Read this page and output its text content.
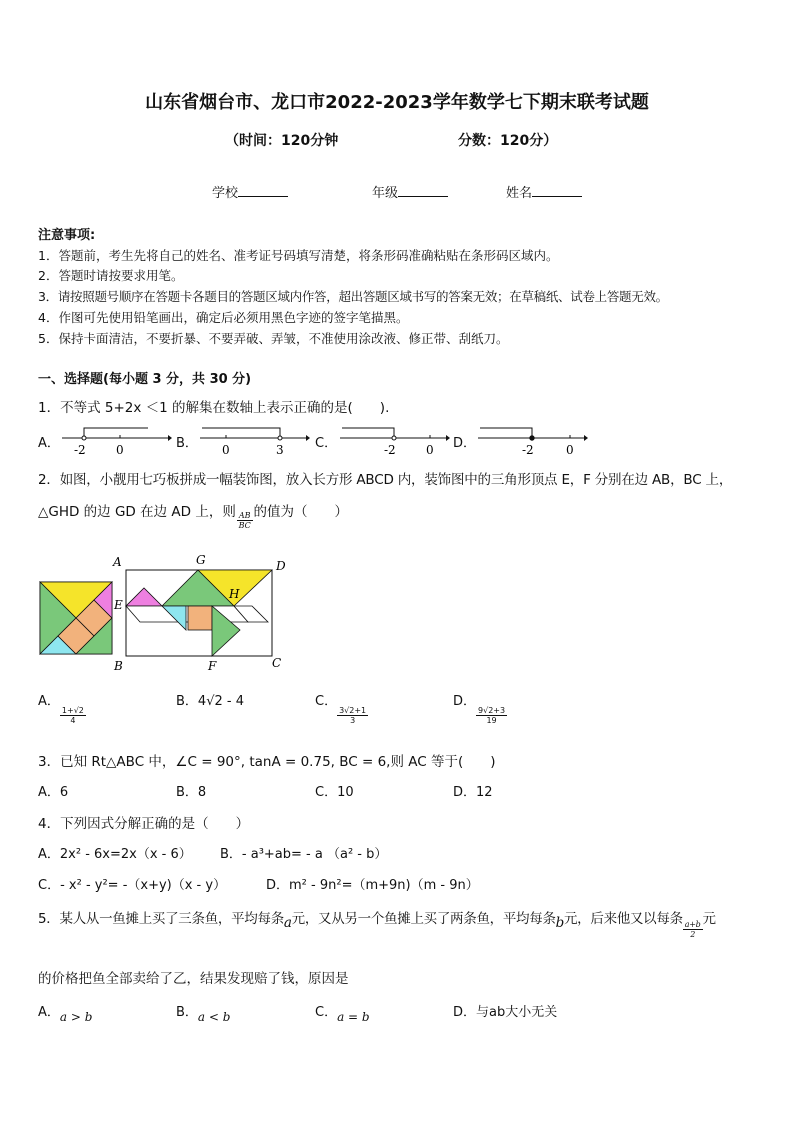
山东省烟台市、龙口市2022-2023学年数学七下期末联考试题
（时间：120分钟	分数：120分）
学校	年级	姓名
注意事项:
1．答题前，考生先将自己的姓名、准考证号码填写清楚，将条形码准确粘贴在条形码区域内。
2．答题时请按要求用笔。
3．请按照题号顺序在答题卡各题目的答题区域内作答，超出答题区域书写的答案无效；在草稿纸、试卷上答题无效。
4．作图可先使用铅笔画出，确定后必须用黑色字迹的签字笔描黑。
5．保持卡面清洁，不要折暴、不要弄破、弄皱，不准使用涂改液、修正带、刮纸刀。
一、选择题(每小题 3 分，共 30 分)
1．不等式 5+2x ＜1 的解集在数轴上表示正确的是(　　).
A． -2	0	B． 0	3 C．	-2	0 D．	-2	0
2．如图，小靓用七巧板拼成一幅装饰图，放入长方形 ABCD 内，装饰图中的三角形顶点 E，F 分别在边 AB，BC 上，
△GHD 的边 GD 在边 AD 上，则 $\frac{AB}{BC}$ 的值为（　　）
A	G	D
E
H
B	F	C
A．
$\frac{1+√2}{4}$
B．4√2 - 4	C．
$\frac{3√2+1}{3}$
D．
$\frac{9√2+3}{19}$
3．已知 Rt△ABC 中，∠C = 90°, tanA = 0.75, BC = 6,则 AC 等于(　　)
A．6	B．8	C．10	D．12
4．下列因式分解正确的是（　　）
A．2x² - 6x=2x（x - 6） B．- a³+ab= - a （a² - b）
C．- x² - y²= -（x+y)（x - y）	D．m² - 9n²=（m+9n)（m - 9n）
5．某人从一鱼摊上买了三条鱼，平均每条a元，又从另一个鱼摊上买了两条鱼，平均每条b元，后来他又以每条
$\frac{a+b}{2}$
元
的价格把鱼全部卖给了乙，结果发现赔了钱，原因是
A．a > b	B．a < b	C．a = b	D．与ab大小无关
